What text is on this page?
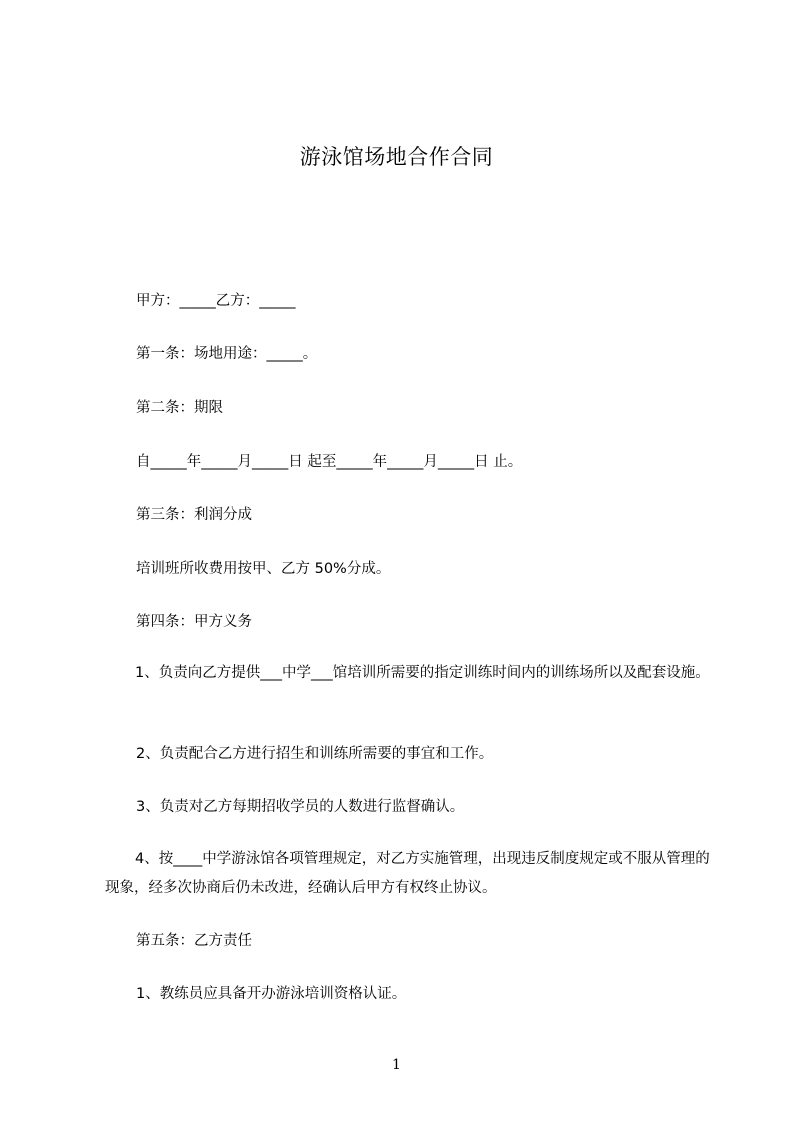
游泳馆场地合作合同

甲方：_____乙方：_____

第一条：场地用途：_____。

第二条：期限

自_____年_____月_____日 起至_____年_____月_____日 止。

第三条：利润分成

培训班所收费用按甲、乙方 50%分成。

第四条：甲方义务

1、负责向乙方提供___中学___馆培训所需要的指定训练时间内的训练场所以及配套设施。

2、负责配合乙方进行招生和训练所需要的事宜和工作。

3、负责对乙方每期招收学员的人数进行监督确认。

4、按____中学游泳馆各项管理规定，对乙方实施管理，出现违反制度规定或不服从管理的现象，经多次协商后仍未改进，经确认后甲方有权终止协议。

第五条：乙方责任

1、教练员应具备开办游泳培训资格认证。

1
